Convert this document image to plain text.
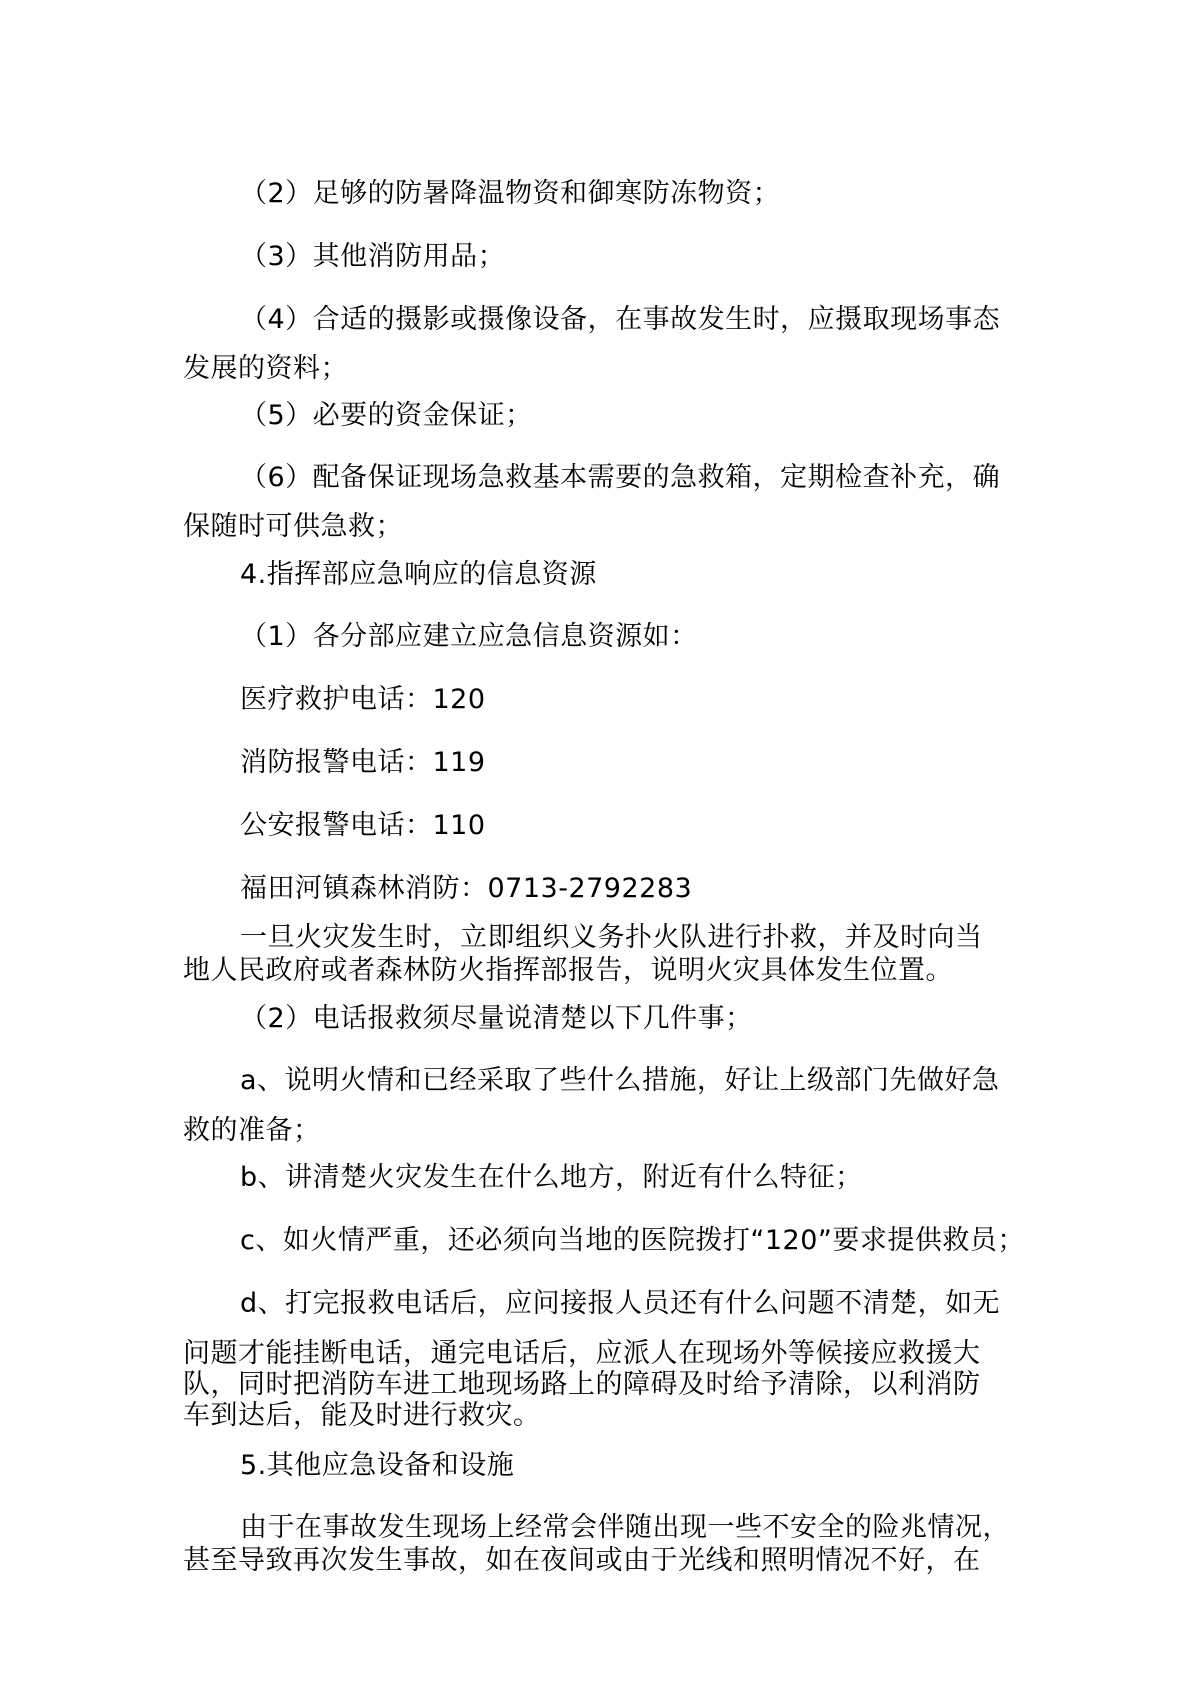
（2）足够的防暑降温物资和御寒防冻物资；
（3）其他消防用品；
（4）合适的摄影或摄像设备，在事故发生时，应摄取现场事态
发展的资料；
（5）必要的资金保证；
（6）配备保证现场急救基本需要的急救箱，定期检查补充，确
保随时可供急救；
4.指挥部应急响应的信息资源
（1）各分部应建立应急信息资源如：
医疗救护电话：120
消防报警电话：119
公安报警电话：110
福田河镇森林消防：0713-2792283
一旦火灾发生时，立即组织义务扑火队进行扑救，并及时向当
地人民政府或者森林防火指挥部报告，说明火灾具体发生位置。
（2）电话报救须尽量说清楚以下几件事；
a、说明火情和已经采取了些什么措施，好让上级部门先做好急
救的准备；
b、讲清楚火灾发生在什么地方，附近有什么特征；
c、如火情严重，还必须向当地的医院拨打“120”要求提供救员；
d、打完报救电话后，应问接报人员还有什么问题不清楚，如无
问题才能挂断电话，通完电话后，应派人在现场外等候接应救援大
队，同时把消防车进工地现场路上的障碍及时给予清除，以利消防
车到达后，能及时进行救灾。
5.其他应急设备和设施
由于在事故发生现场上经常会伴随出现一些不安全的险兆情况，
甚至导致再次发生事故，如在夜间或由于光线和照明情况不好，在
